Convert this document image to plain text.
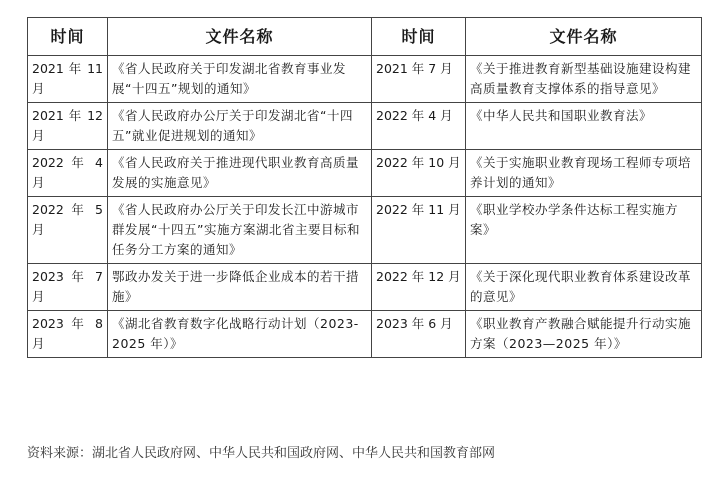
时间	文件名称	时间	文件名称
2021 年 11 月	《省人民政府关于印发湖北省教育事业发展“十四五”规划的通知》	2021 年 7 月	《关于推进教育新型基础设施建设构建高质量教育支撑体系的指导意见》
2021 年 12 月	《省人民政府办公厅关于印发湖北省“十四五”就业促进规划的通知》	2022 年 4 月	《中华人民共和国职业教育法》
2022 年 4 月	《省人民政府关于推进现代职业教育高质量发展的实施意见》	2022 年 10 月	《关于实施职业教育现场工程师专项培养计划的通知》
2022 年 5 月	《省人民政府办公厅关于印发长江中游城市群发展“十四五”实施方案湖北省主要目标和任务分工方案的通知》	2022 年 11 月	《职业学校办学条件达标工程实施方案》
2023 年 7 月	鄂政办发关于进一步降低企业成本的若干措施》	2022 年 12 月	《关于深化现代职业教育体系建设改革的意见》
2023 年 8 月	《湖北省教育数字化战略行动计划（2023-2025 年）》	2023 年 6 月	《职业教育产教融合赋能提升行动实施方案（2023—2025 年）》
资料来源：湖北省人民政府网、中华人民共和国政府网、中华人民共和国教育部网
